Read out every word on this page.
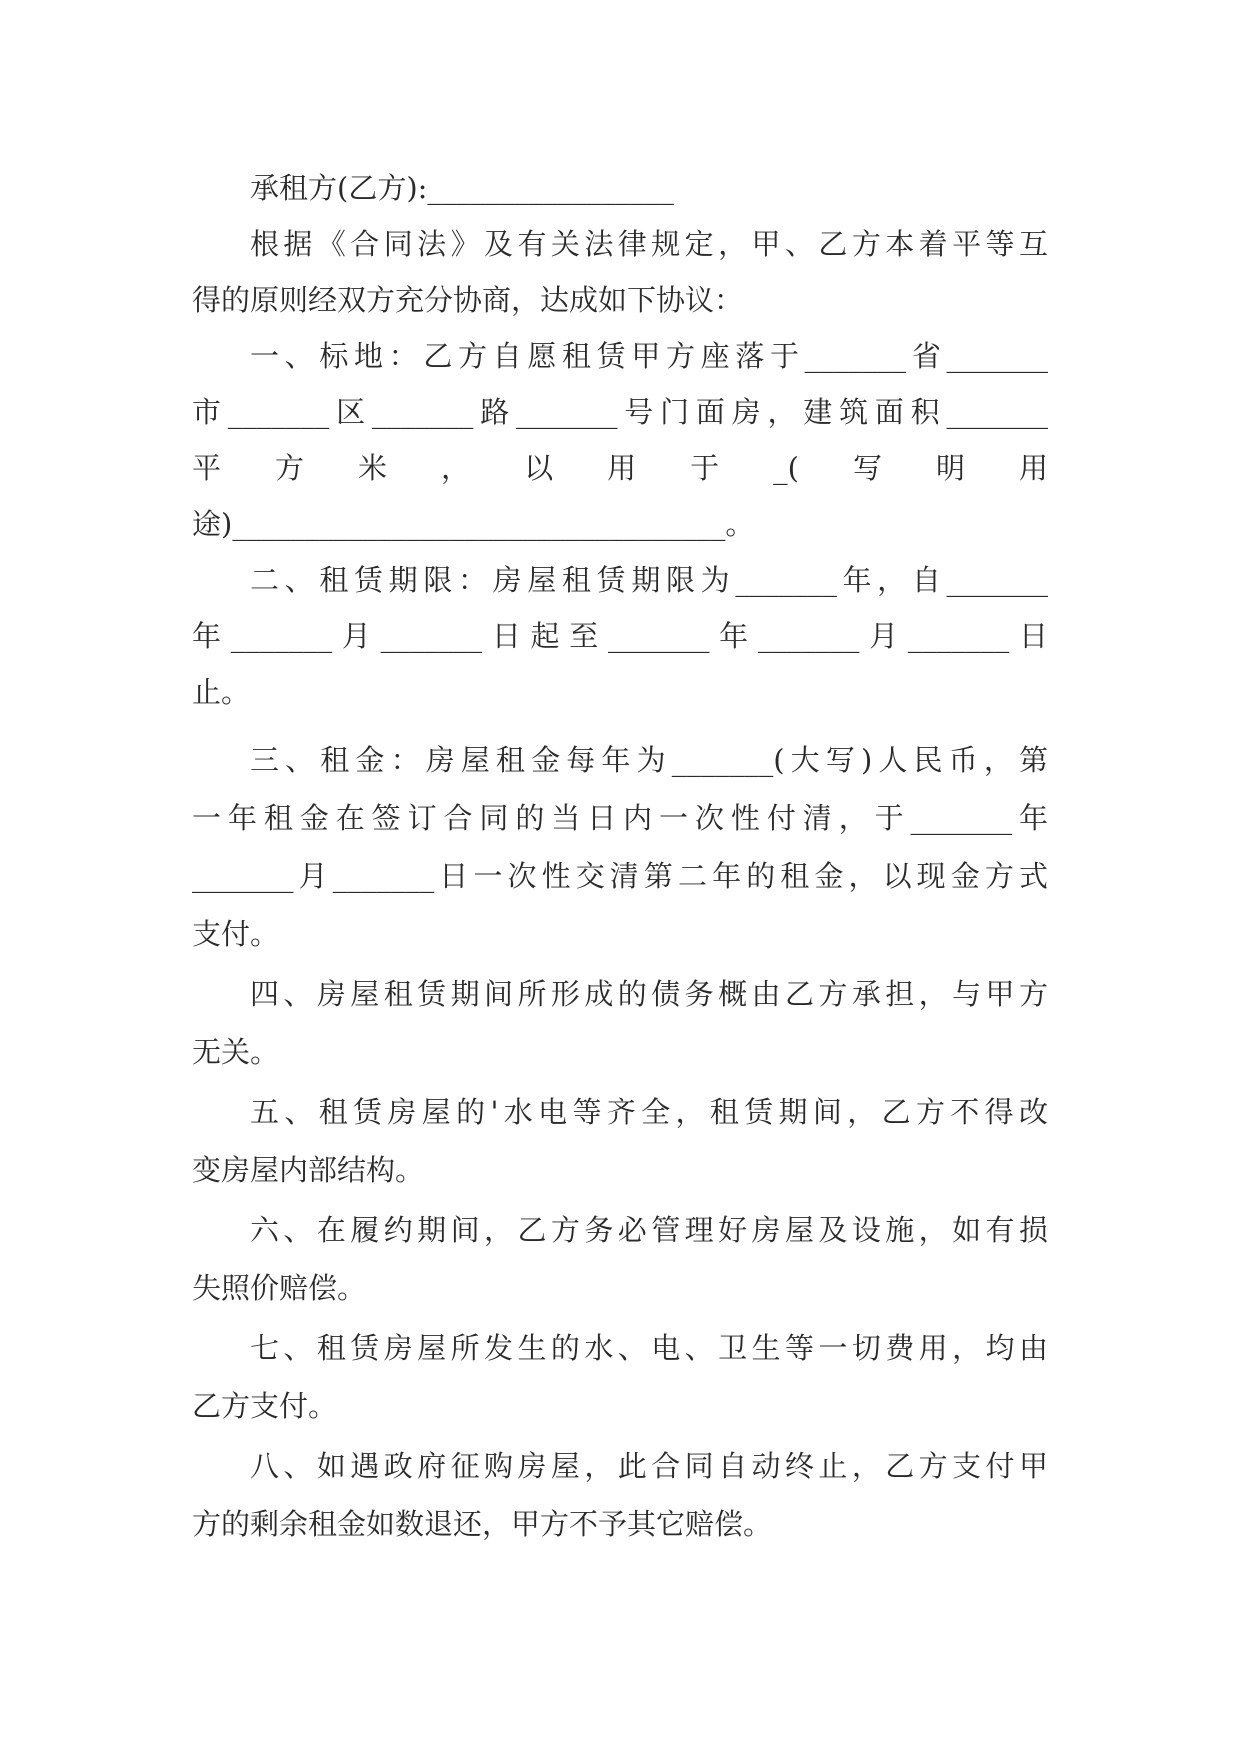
承租方(乙方):_________________
根据《合同法》及有关法律规定，甲、乙方本着平等互
得的原则经双方充分协商，达成如下协议：
一、标地：乙方自愿租赁甲方座落于_______省_______
市_______区_______路_______号门面房，建筑面积_______
平方米，以用于_(写明用
途)__________________________________。
二、租赁期限：房屋租赁期限为_______年，自_______
年_______月_______日起至_______年_______月_______日
止。
三、租金：房屋租金每年为_______(大写)人民币，第
一年租金在签订合同的当日内一次性付清，于_______年
_______月_______日一次性交清第二年的租金，以现金方式
支付。
四、房屋租赁期间所形成的债务概由乙方承担，与甲方
无关。
五、租赁房屋的'水电等齐全，租赁期间，乙方不得改
变房屋内部结构。
六、在履约期间，乙方务必管理好房屋及设施，如有损
失照价赔偿。
七、租赁房屋所发生的水、电、卫生等一切费用，均由
乙方支付。
八、如遇政府征购房屋，此合同自动终止，乙方支付甲
方的剩余租金如数退还，甲方不予其它赔偿。
